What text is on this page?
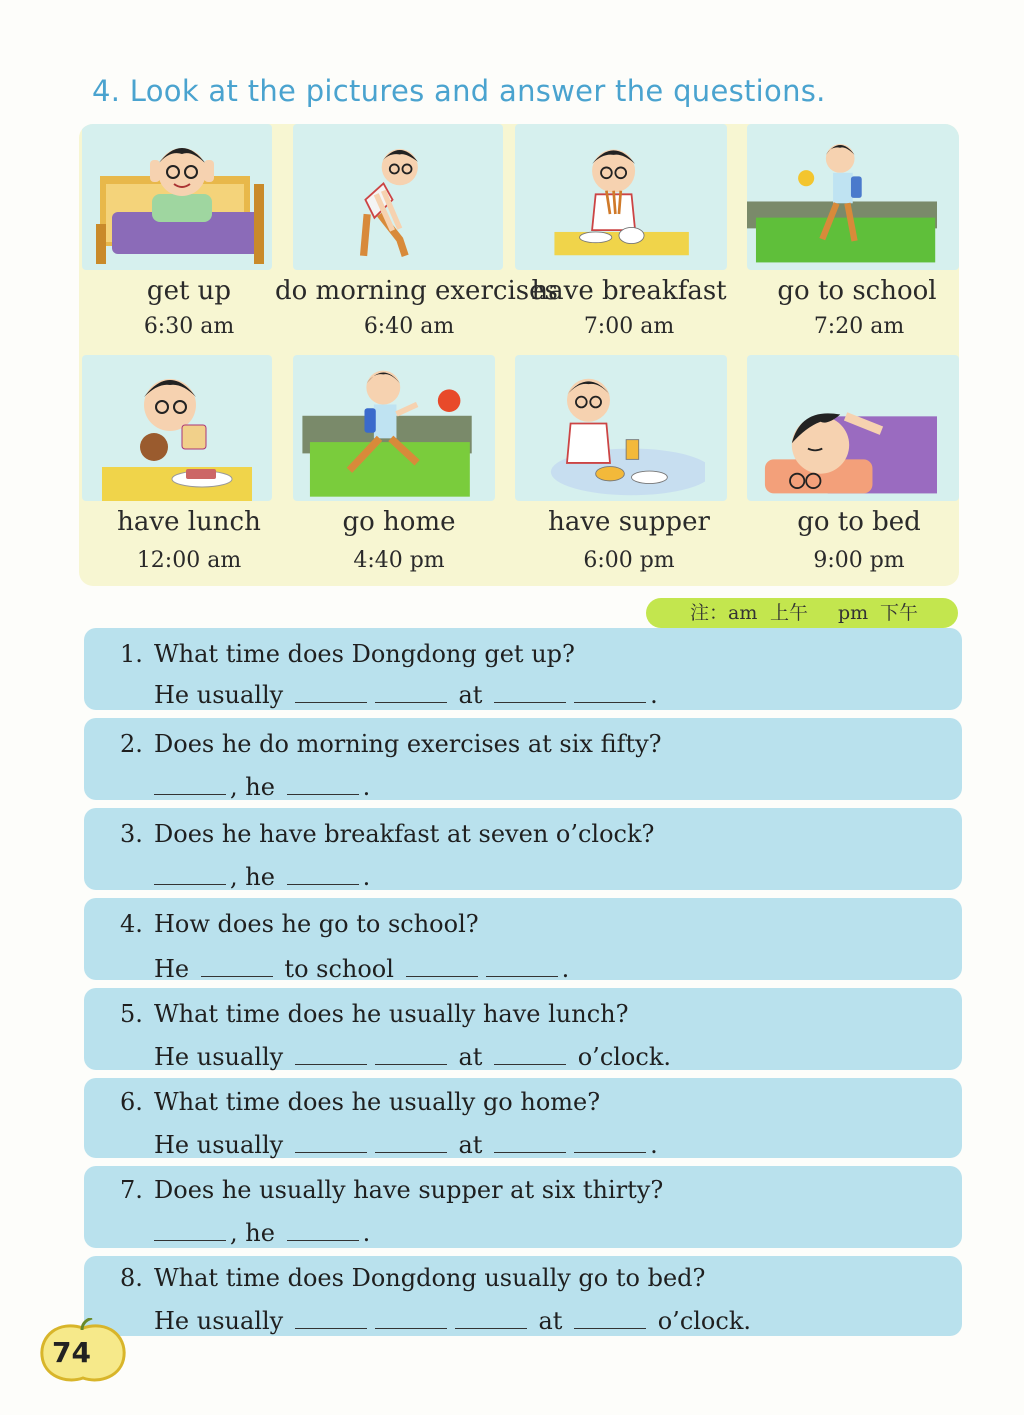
4. Look at the pictures and answer the questions.
get up
6:30 am
do morning exercises
6:40 am
have breakfast
7:00 am
go to school
7:20 am
have lunch
12:00 am
go home
4:40 pm
have supper
6:00 pm
go to bed
9:00 pm
注： am 上午 pm 下午
1. What time does Dongdong get up?
He usually	at	.
2. Does he do morning exercises at six fifty?
, he	.
3. Does he have breakfast at seven o’clock?
, he	.
4. How does he go to school?
He	to school	.
5. What time does he usually have lunch?
He usually	at	o’clock.
6. What time does he usually go home?
He usually	at	.
7. Does he usually have supper at six thirty?
, he	.
8. What time does Dongdong usually go to bed?
He usually	at	o’clock.
74
